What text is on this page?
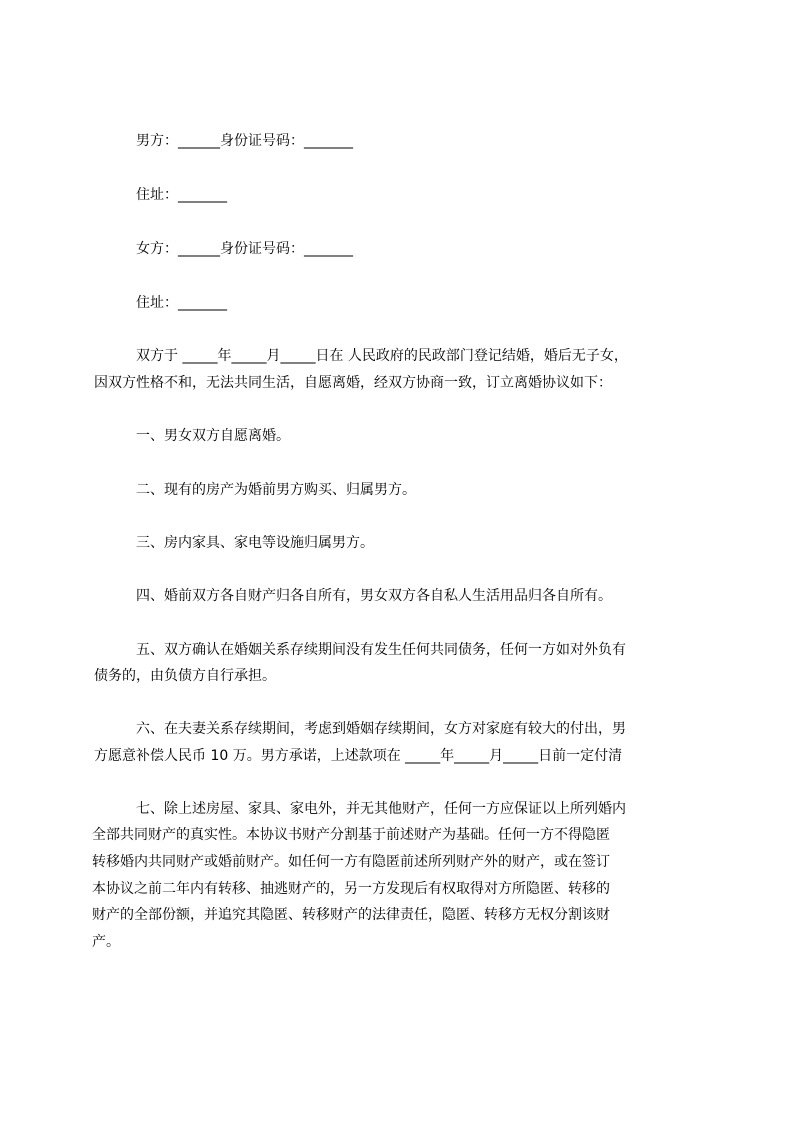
男方：______身份证号码：_______
住址：_______
女方：______身份证号码：_______
住址：_______
双方于 _____年_____月_____日在 人民政府的民政部门登记结婚，婚后无子女，
因双方性格不和，无法共同生活，自愿离婚，经双方协商一致，订立离婚协议如下：
一、男女双方自愿离婚。
二、现有的房产为婚前男方购买、归属男方。
三、房内家具、家电等设施归属男方。
四、婚前双方各自财产归各自所有，男女双方各自私人生活用品归各自所有。
五、双方确认在婚姻关系存续期间没有发生任何共同债务，任何一方如对外负有
债务的，由负债方自行承担。
六、在夫妻关系存续期间，考虑到婚姻存续期间，女方对家庭有较大的付出，男
方愿意补偿人民币 10 万。男方承诺，上述款项在 _____年_____月_____日前一定付清
七、除上述房屋、家具、家电外，并无其他财产，任何一方应保证以上所列婚内
全部共同财产的真实性。本协议书财产分割基于前述财产为基础。任何一方不得隐匿
转移婚内共同财产或婚前财产。如任何一方有隐匿前述所列财产外的财产，或在签订
本协议之前二年内有转移、抽逃财产的，另一方发现后有权取得对方所隐匿、转移的
财产的全部份额，并追究其隐匿、转移财产的法律责任，隐匿、转移方无权分割该财
产。
